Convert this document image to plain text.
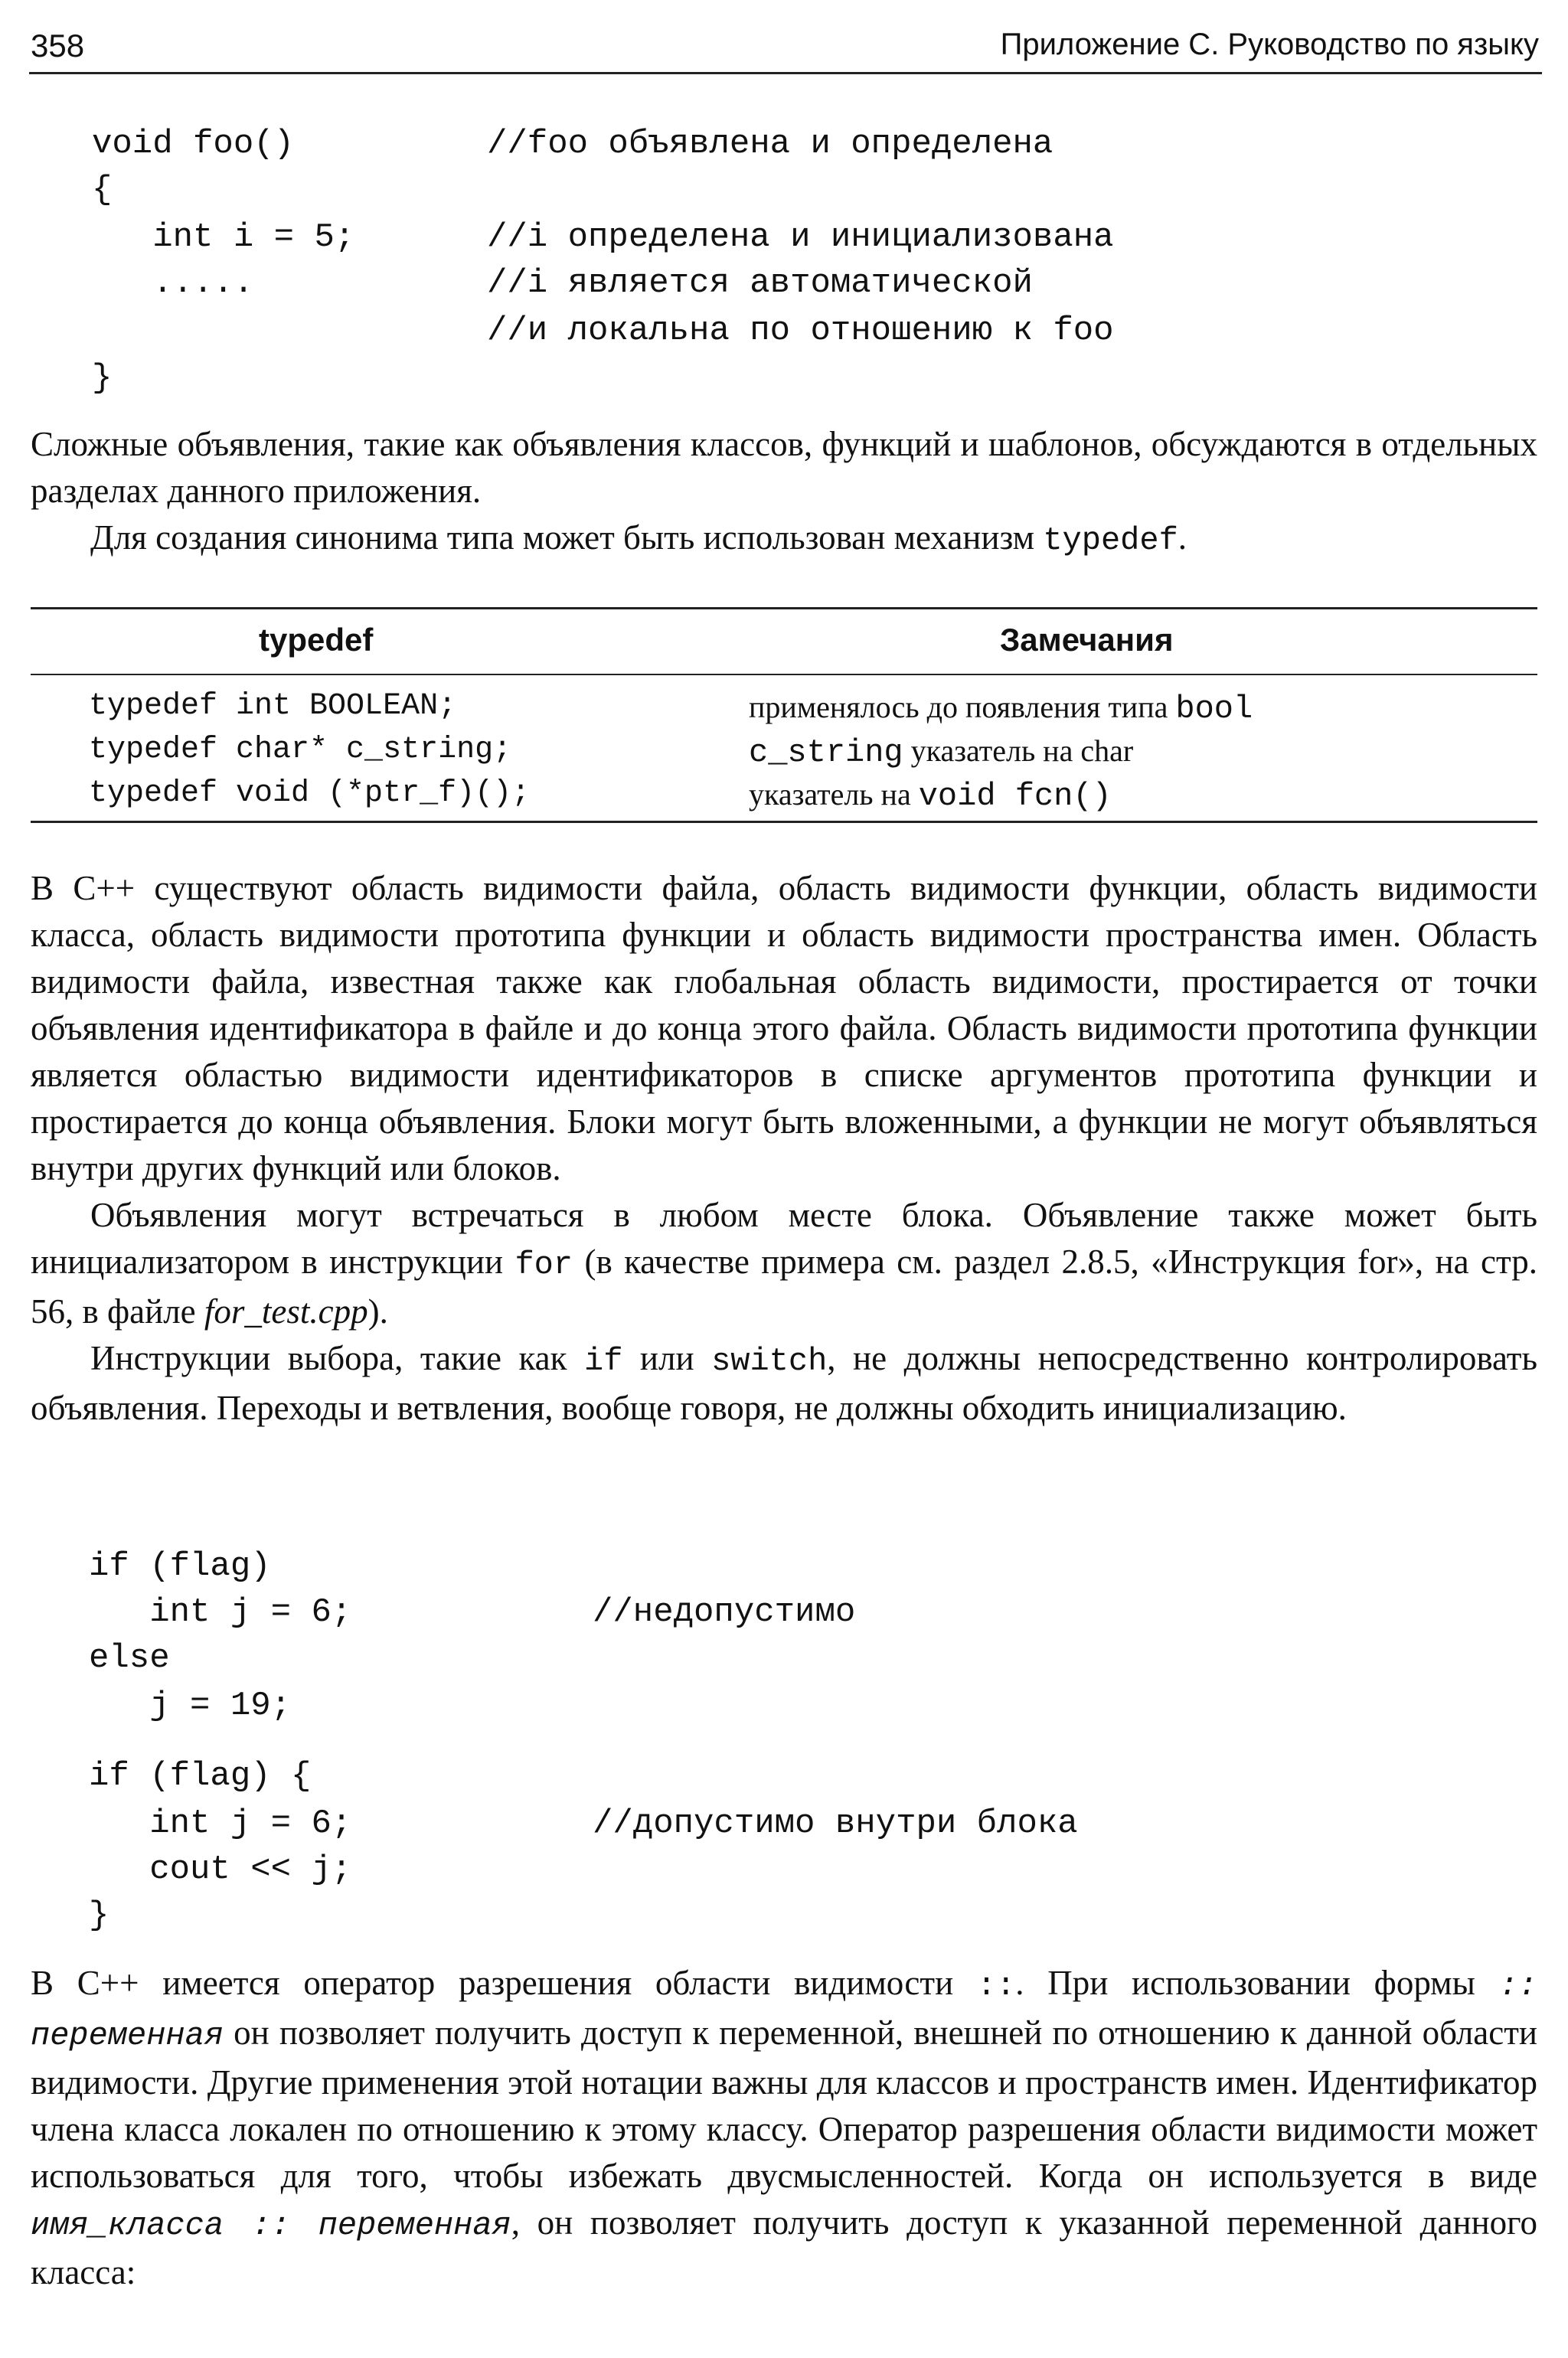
358	Приложение С. Руководство по языку

void foo()

	//foo объявлена и определена

{

int i = 5;

	//i определена и инициализована

.....

	//i является автоматической

//и локальна по отношению к foo

}

Сложные объявления, такие как объявления классов, функций и шаблонов, обсуждаются в отдельных разделах данного приложения.

Для создания синонима типа может быть использован механизм typedef.

typedef	Замечания
typedef int BOOLEAN;	применялось до появления типа bool
typedef char* c_string;	c_string указатель на char
typedef void (*ptr_f)();	указатель на void fcn()

В C++ существуют область видимости файла, область видимости функции, область видимости класса, область видимости прототипа функции и область видимости пространства имен. Область видимости файла, известная также как глобальная область видимости, простирается от точки объявления идентификатора в файле и до конца этого файла. Область видимости прототипа функции является областью видимости идентификаторов в списке аргументов прототипа функции и простирается до конца объявления. Блоки могут быть вложенными, а функции не могут объявляться внутри других функций или блоков.

Объявления могут встречаться в любом месте блока. Объявление также может быть инициализатором в инструкции for (в качестве примера см. раздел 2.8.5, «Инструкция for», на стр. 56, в файле for_test.cpp).

Инструкции выбора, такие как if или switch, не должны непосредственно контролировать объявления. Переходы и ветвления, вообще говоря, не должны обходить инициализацию.

if (flag)

int j = 6;

	//недопустимо

else

j = 19;

if (flag) {

int j = 6;

	//допустимо внутри блока

cout << j;

}

В C++ имеется оператор разрешения области видимости ::. При использовании формы :: переменная он позволяет получить доступ к переменной, внешней по отношению к данной области видимости. Другие применения этой нотации важны для классов и пространств имен. Идентификатор члена класса локален по отношению к этому классу. Оператор разрешения области видимости может использоваться для того, чтобы избежать двусмысленностей. Когда он используется в виде имя_класса :: переменная, он позволяет получить доступ к указанной переменной данного класса:
